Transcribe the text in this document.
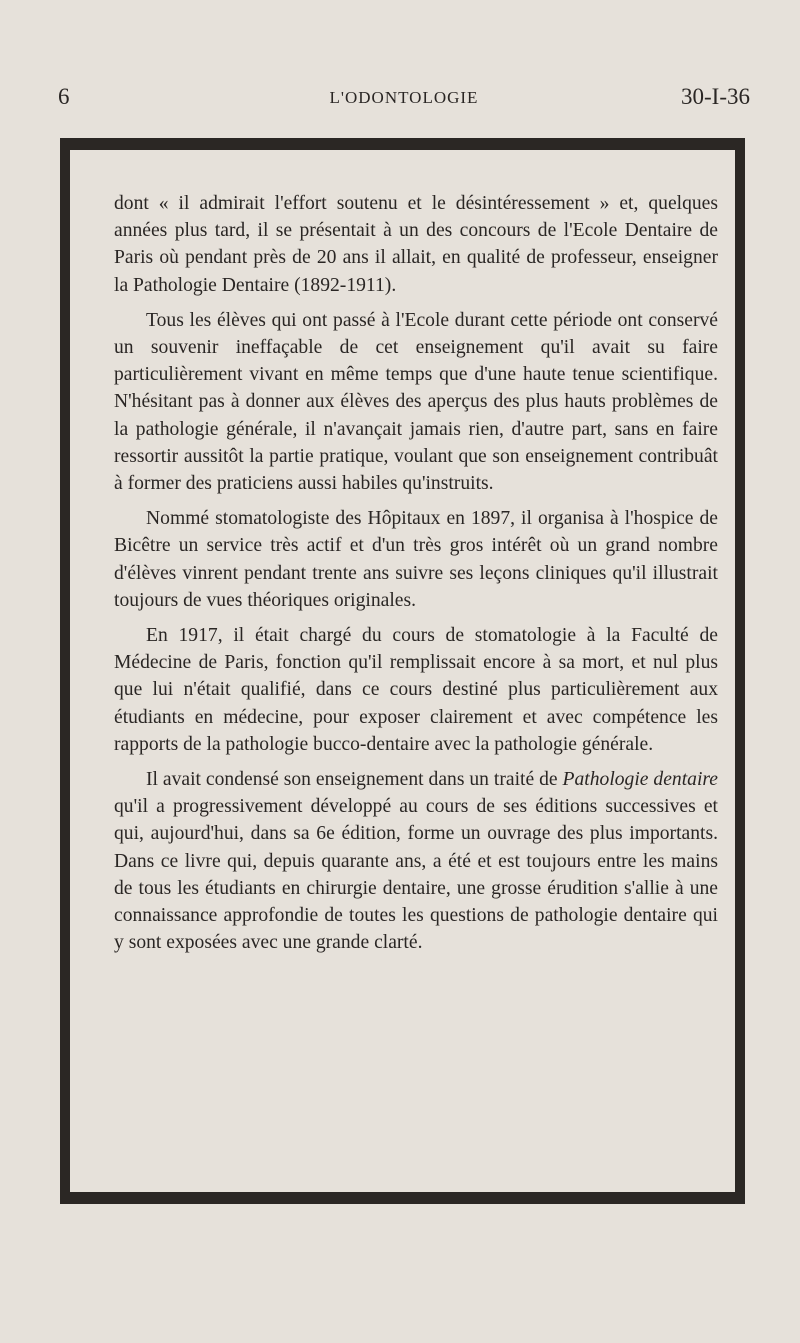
6	L'ODONTOLOGIE	30-I-36

dont « il admirait l'effort soutenu et le désintéressement » et, quelques années plus tard, il se présentait à un des concours de l'Ecole Dentaire de Paris où pendant près de 20 ans il allait, en qualité de professeur, enseigner la Pathologie Dentaire (1892-1911).

Tous les élèves qui ont passé à l'Ecole durant cette période ont conservé un souvenir ineffaçable de cet enseignement qu'il avait su faire particulièrement vivant en même temps que d'une haute tenue scientifique. N'hésitant pas à donner aux élèves des aperçus des plus hauts problèmes de la pathologie générale, il n'avançait jamais rien, d'autre part, sans en faire ressortir aussitôt la partie pratique, voulant que son enseignement contribuât à former des praticiens aussi habiles qu'instruits.

Nommé stomatologiste des Hôpitaux en 1897, il organisa à l'hospice de Bicêtre un service très actif et d'un très gros intérêt où un grand nombre d'élèves vinrent pendant trente ans suivre ses leçons cliniques qu'il illustrait toujours de vues théoriques originales.

En 1917, il était chargé du cours de stomatologie à la Faculté de Médecine de Paris, fonction qu'il remplissait encore à sa mort, et nul plus que lui n'était qualifié, dans ce cours destiné plus particulièrement aux étudiants en médecine, pour exposer clairement et avec compétence les rapports de la pathologie bucco-dentaire avec la pathologie générale.

Il avait condensé son enseignement dans un traité de Pathologie dentaire qu'il a progressivement développé au cours de ses éditions successives et qui, aujourd'hui, dans sa 6e édition, forme un ouvrage des plus importants. Dans ce livre qui, depuis quarante ans, a été et est toujours entre les mains de tous les étudiants en chirurgie dentaire, une grosse érudition s'allie à une connaissance approfondie de toutes les questions de pathologie dentaire qui y sont exposées avec une grande clarté.
